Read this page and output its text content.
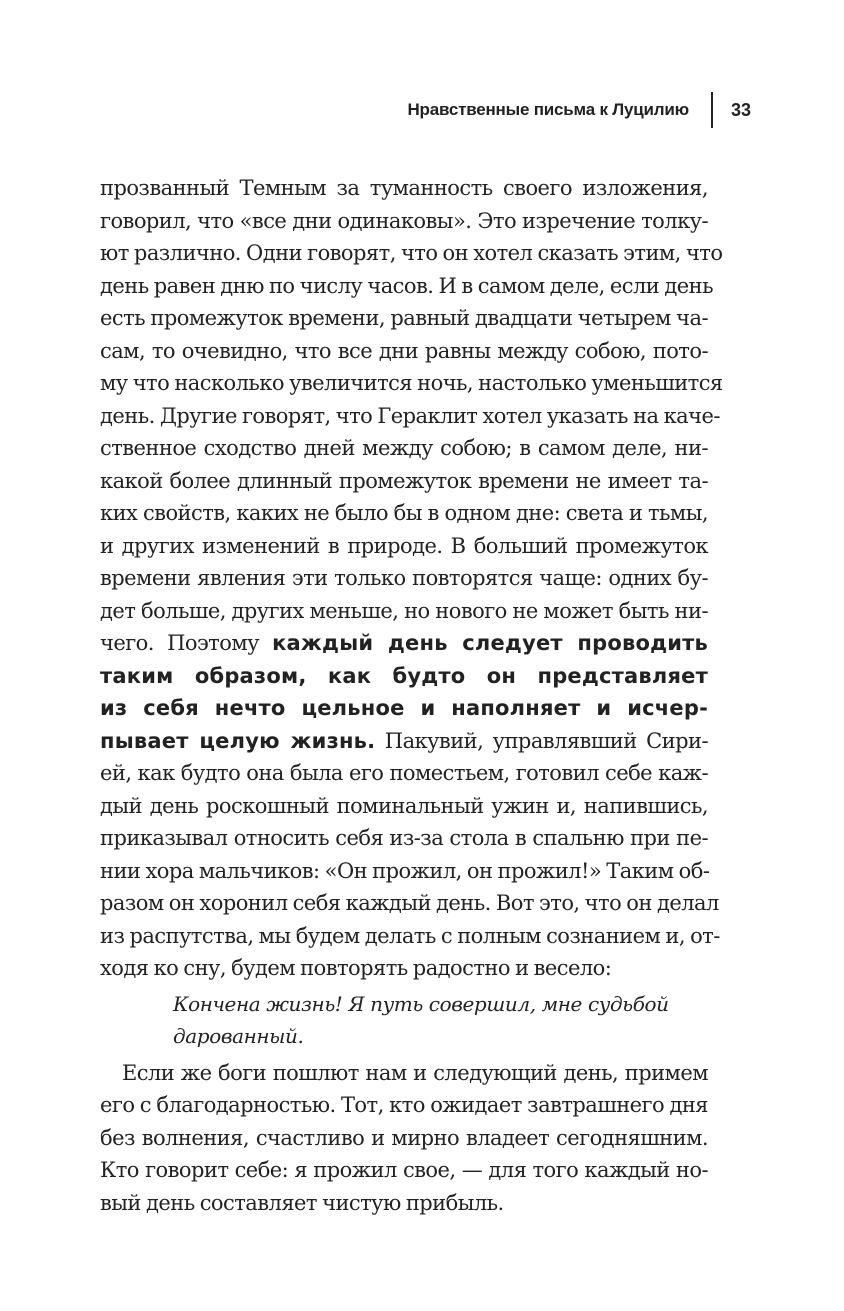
Нравственные письма к Луцилию 33
прозванный Темным за туманность своего изложения,
говорил, что «все дни одинаковы». Это изречение толку-
ют различно. Одни говорят, что он хотел сказать этим, что
день равен дню по числу часов. И в самом деле, если день
есть промежуток времени, равный двадцати четырем ча-
сам, то очевидно, что все дни равны между собою, пото-
му что насколько увеличится ночь, настолько уменьшится
день. Другие говорят, что Гераклит хотел указать на каче-
ственное сходство дней между собою; в самом деле, ни-
какой более длинный промежуток времени не имеет та-
ких свойств, каких не было бы в одном дне: света и тьмы,
и других изменений в природе. В больший промежуток
времени явления эти только повторятся чаще: одних бу-
дет больше, других меньше, но нового не может быть ни-
чего. Поэтому каждый день следует проводить
таким образом, как будто он представляет
из себя нечто цельное и наполняет и исчер-
пывает целую жизнь. Пакувий, управлявший Сири-
ей, как будто она была его поместьем, готовил себе каж-
дый день роскошный поминальный ужин и, напившись,
приказывал относить себя из-за стола в спальню при пе-
нии хора мальчиков: «Он прожил, он прожил!» Таким об-
разом он хоронил себя каждый день. Вот это, что он делал
из распутства, мы будем делать с полным сознанием и, от-
ходя ко сну, будем повторять радостно и весело:
Кончена жизнь! Я путь совершил, мне судьбой
дарованный.
Если же боги пошлют нам и следующий день, примем
его с благодарностью. Тот, кто ожидает завтрашнего дня
без волнения, счастливо и мирно владеет сегодняшним.
Кто говорит себе: я прожил свое, — для того каждый но-
вый день составляет чистую прибыль.
